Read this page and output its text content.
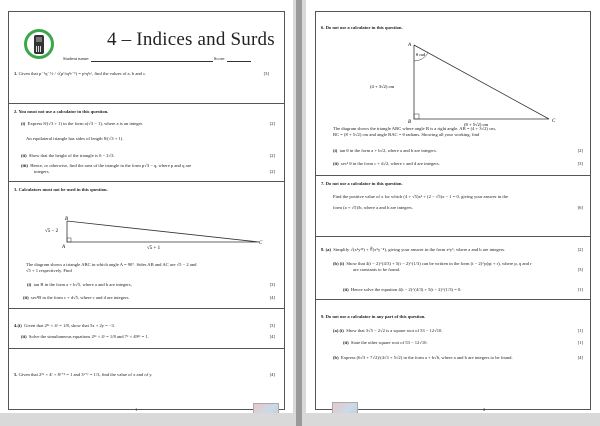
4 – Indices and Surds
Student name:	Score:
1. Given that p⁻¹q⁻½ / √(p½q²r⁻¹) = pᵃqᵇrᶜ, find the values of a, b and c.	[3]
2. You must not use a calculator in this question.
(i) Express 8/(√3 + 1) in the form a(√3 − 1), where a is an integer.	[2]
An equilateral triangle has sides of length 8/(√3 + 1).
(ii) Show that the height of the triangle is 6 − 2√3.	[2]
(iii) Hence, or otherwise, find the area of the triangle in the form p√3 − q, where p and q are
integers.	[2]
3. Calculators must not be used in this question.
B
A
C
√5 − 2
√5 + 1
The diagram shows a triangle ABC in which angle A = 90°. Sides AB and AC are √5 − 2 and
√5 + 1 respectively. Find
(i) tan B in the form a + b√5, where a and b are integers,	[3]
(ii) sec²B in the form c + d√5, where c and d are integers.	[4]
4.(i) Given that 2³ˣ × 4ʸ = 1/8, show that 5x + 2y = −3.	[3]
(ii) Solve the simultaneous equations 2³ˣ × 4ʸ = 1/8 and 7ˣ × 49²ʸ = 1.	[4]
5. Given that 2⁶ˣ × 4ʸ × 8ʸ⁺³ = 1 and 3ˣ⁺ʸ = 1/3, find the value of x and of y.	[4]
1
6. Do not use a calculator in this question.
A
B	C
θ rad
(4 + 3√2) cm
(8 + 5√2) cm
The diagram shows the triangle ABC where angle B is a right angle. AB = (4 + 3√2) cm,
BC = (8 + 5√2) cm and angle BAC = θ radians. Showing all your working, find
(i) tan θ in the form a + b√2, where a and b are integers.	[2]
(ii) sec² θ in the form c + d√2, where c and d are integers.	[3]
7. Do not use a calculator in this question.
Find the positive value of x for which (4 + √5)x² + (2 − √5)x − 1 = 0, giving your answer in the

form (a + √5)/b, where a and b are integers.	[6]
8. (a) Simplify √(x³y¹²) + ∜(x⁵y⁻⁴), giving your answer in the form xᵃyᵇ, where a and b are integers.	[2]
(b) (i) Show that 4(t − 2)^(4/3) + 5(t − 2)^(1/3) can be written in the form (t − 2)^p(qt + r), where p, q and r
are constants to be found.	[3]
(ii) Hence solve the equation 4(t − 2)^(4/3) + 5(t − 2)^(1/3) = 0.	[1]
9. Do not use a calculator in any part of this question.
(a) (i) Show that 3√5 − 2√2 is a square root of 53 − 12√10.	[1]
(ii) State the other square root of 53 − 12√10.	[1]
(b) Express (6√3 + 7√2)/(4√3 + 5√2) in the form a + b√6, where a and b are integers to be found.	[4]
2
